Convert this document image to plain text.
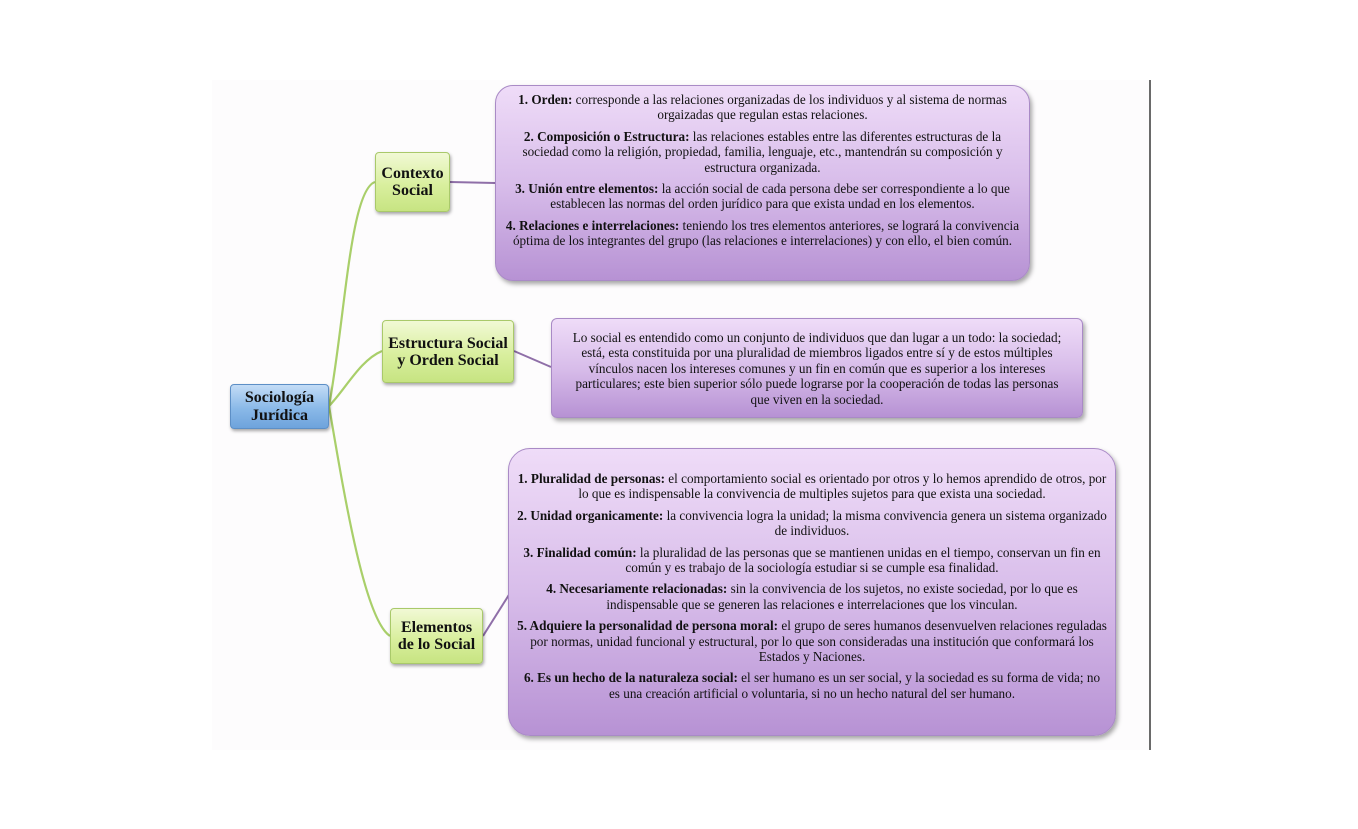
Sociología Jurídica
Contexto Social
Estructura Social y Orden Social
Elementos de lo Social

1. Orden: corresponde a las relaciones organizadas de los individuos y al sistema de normas orgaizadas que regulan estas relaciones.

2. Composición o Estructura: las relaciones estables entre las diferentes estructuras de la sociedad como la religión, propiedad, familia, lenguaje, etc., mantendrán su composición y estructura organizada.

3. Unión entre elementos: la acción social de cada persona debe ser correspondiente a lo que establecen las normas del orden jurídico para que exista undad en los elementos.

4. Relaciones e interrelaciones: teniendo los tres elementos anteriores, se logrará la convivencia óptima de los integrantes del grupo (las relaciones e interrelaciones) y con ello, el bien común.

Lo social es entendido como un conjunto de individuos que dan lugar a un todo: la sociedad; está, esta constituida por una pluralidad de miembros ligados entre sí y de estos múltiples vínculos nacen los intereses comunes y un fin en común que es superior a los intereses particulares; este bien superior sólo puede lograrse por la cooperación de todas las personas que viven en la sociedad.

1. Pluralidad de personas: el comportamiento social es orientado por otros y lo hemos aprendido de otros, por lo que es indispensable la convivencia de multiples sujetos para que exista una sociedad.

2. Unidad organicamente: la convivencia logra la unidad; la misma convivencia genera un sistema organizado de individuos.

3. Finalidad común: la pluralidad de las personas que se mantienen unidas en el tiempo, conservan un fin en común y es trabajo de la sociología estudiar si se cumple esa finalidad.

4. Necesariamente relacionadas: sin la convivencia de los sujetos, no existe sociedad, por lo que es indispensable que se generen las relaciones e interrelaciones que los vinculan.

5. Adquiere la personalidad de persona moral: el grupo de seres humanos desenvuelven relaciones reguladas por normas, unidad funcional y estructural, por lo que son consideradas una institución que conformará los Estados y Naciones.

6. Es un hecho de la naturaleza social: el ser humano es un ser social, y la sociedad es su forma de vida; no es una creación artificial o voluntaria, si no un hecho natural del ser humano.
